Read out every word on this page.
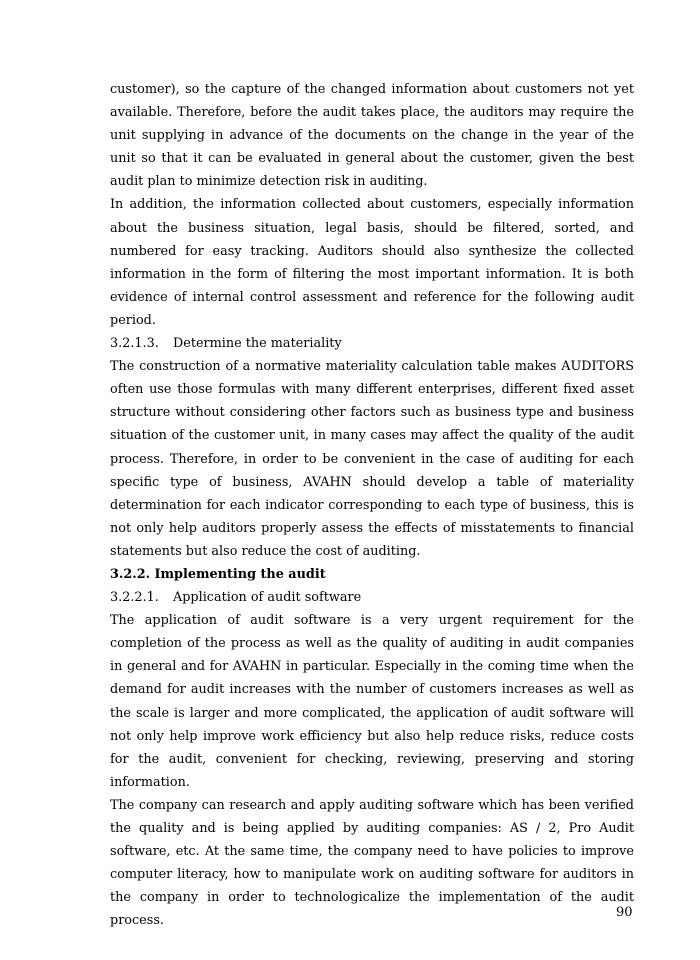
customer), so the capture of the changed information about customers not yet available. Therefore, before the audit takes place, the auditors may require the unit supplying in advance of the documents on the change in the year of the unit so that it can be evaluated in general about the customer, given the best audit plan to minimize detection risk in auditing.

In addition, the information collected about customers, especially information about the business situation, legal basis, should be filtered, sorted, and numbered for easy tracking. Auditors should also synthesize the collected information in the form of filtering the most important information. It is both evidence of internal control assessment and reference for the following audit period.

3.2.1.3.	Determine the materiality

The construction of a normative materiality calculation table makes AUDITORS often use those formulas with many different enterprises, different fixed asset structure without considering other factors such as business type and business situation of the customer unit, in many cases may affect the quality of the audit process. Therefore, in order to be convenient in the case of auditing for each specific type of business, AVAHN should develop a table of materiality determination for each indicator corresponding to each type of business, this is not only help auditors properly assess the effects of misstatements to financial statements but also reduce the cost of auditing.

3.2.2. Implementing the audit

3.2.2.1.	Application of audit software

The application of audit software is a very urgent requirement for the completion of the process as well as the quality of auditing in audit companies in general and for AVAHN in particular. Especially in the coming time when the demand for audit increases with the number of customers increases as well as the scale is larger and more complicated, the application of audit software will not only help improve work efficiency but also help reduce risks, reduce costs for the audit, convenient for checking, reviewing, preserving and storing information.

The company can research and apply auditing software which has been verified the quality and is being applied by auditing companies: AS / 2, Pro Audit software, etc. At the same time, the company need to have policies to improve computer literacy, how to manipulate work on auditing software for auditors in the company in order to technologicalize the implementation of the audit process.

90
